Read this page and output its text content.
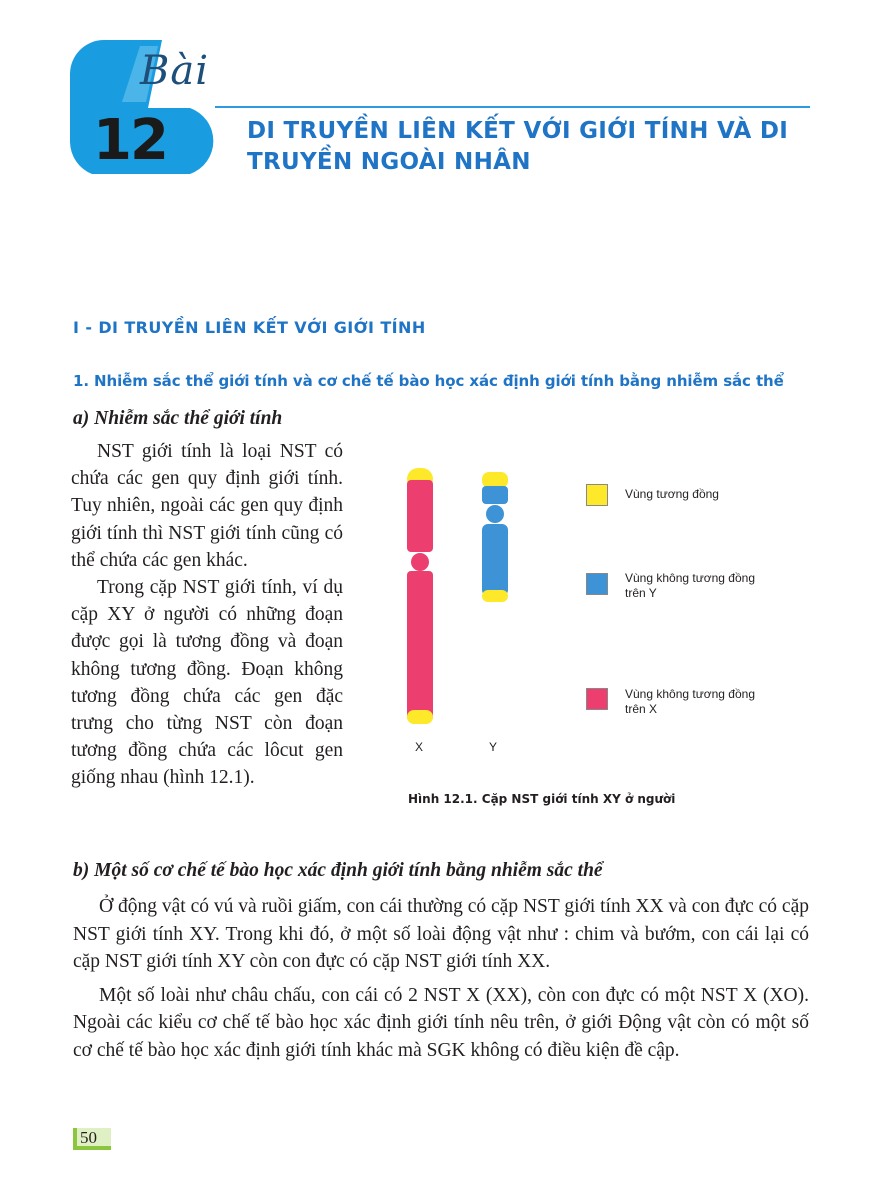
Bài
12	DI TRUYỀN LIÊN KẾT VỚI GIỚI TÍNH VÀ DI TRUYỀN NGOÀI NHÂN
I - DI TRUYỀN LIÊN KẾT VỚI GIỚI TÍNH
1. Nhiễm sắc thể giới tính và cơ chế tế bào học xác định giới tính bằng nhiễm sắc thể
a) Nhiễm sắc thể giới tính

NST giới tính là loại NST có chứa các gen quy định giới tính. Tuy nhiên, ngoài các gen quy định giới tính thì NST giới tính cũng có thể chứa các gen khác.

Trong cặp NST giới tính, ví dụ cặp XY ở người có những đoạn được gọi là tương đồng và đoạn không tương đồng. Đoạn không tương đồng chứa các gen đặc trưng cho từng NST còn đoạn tương đồng chứa các lôcut gen giống nhau (hình 12.1).

X	Y
Vùng tương đồng
Vùng không tương đồng trên Y
Vùng không tương đồng trên X
Hình 12.1. Cặp NST giới tính XY ở người
b) Một số cơ chế tế bào học xác định giới tính bằng nhiễm sắc thể

Ở động vật có vú và ruồi giấm, con cái thường có cặp NST giới tính XX và con đực có cặp NST giới tính XY. Trong khi đó, ở một số loài động vật như : chim và bướm, con cái lại có cặp NST giới tính XY còn con đực có cặp NST giới tính XX.

Một số loài như châu chấu, con cái có 2 NST X (XX), còn con đực có một NST X (XO). Ngoài các kiểu cơ chế tế bào học xác định giới tính nêu trên, ở giới Động vật còn có một số cơ chế tế bào học xác định giới tính khác mà SGK không có điều kiện đề cập.

50
